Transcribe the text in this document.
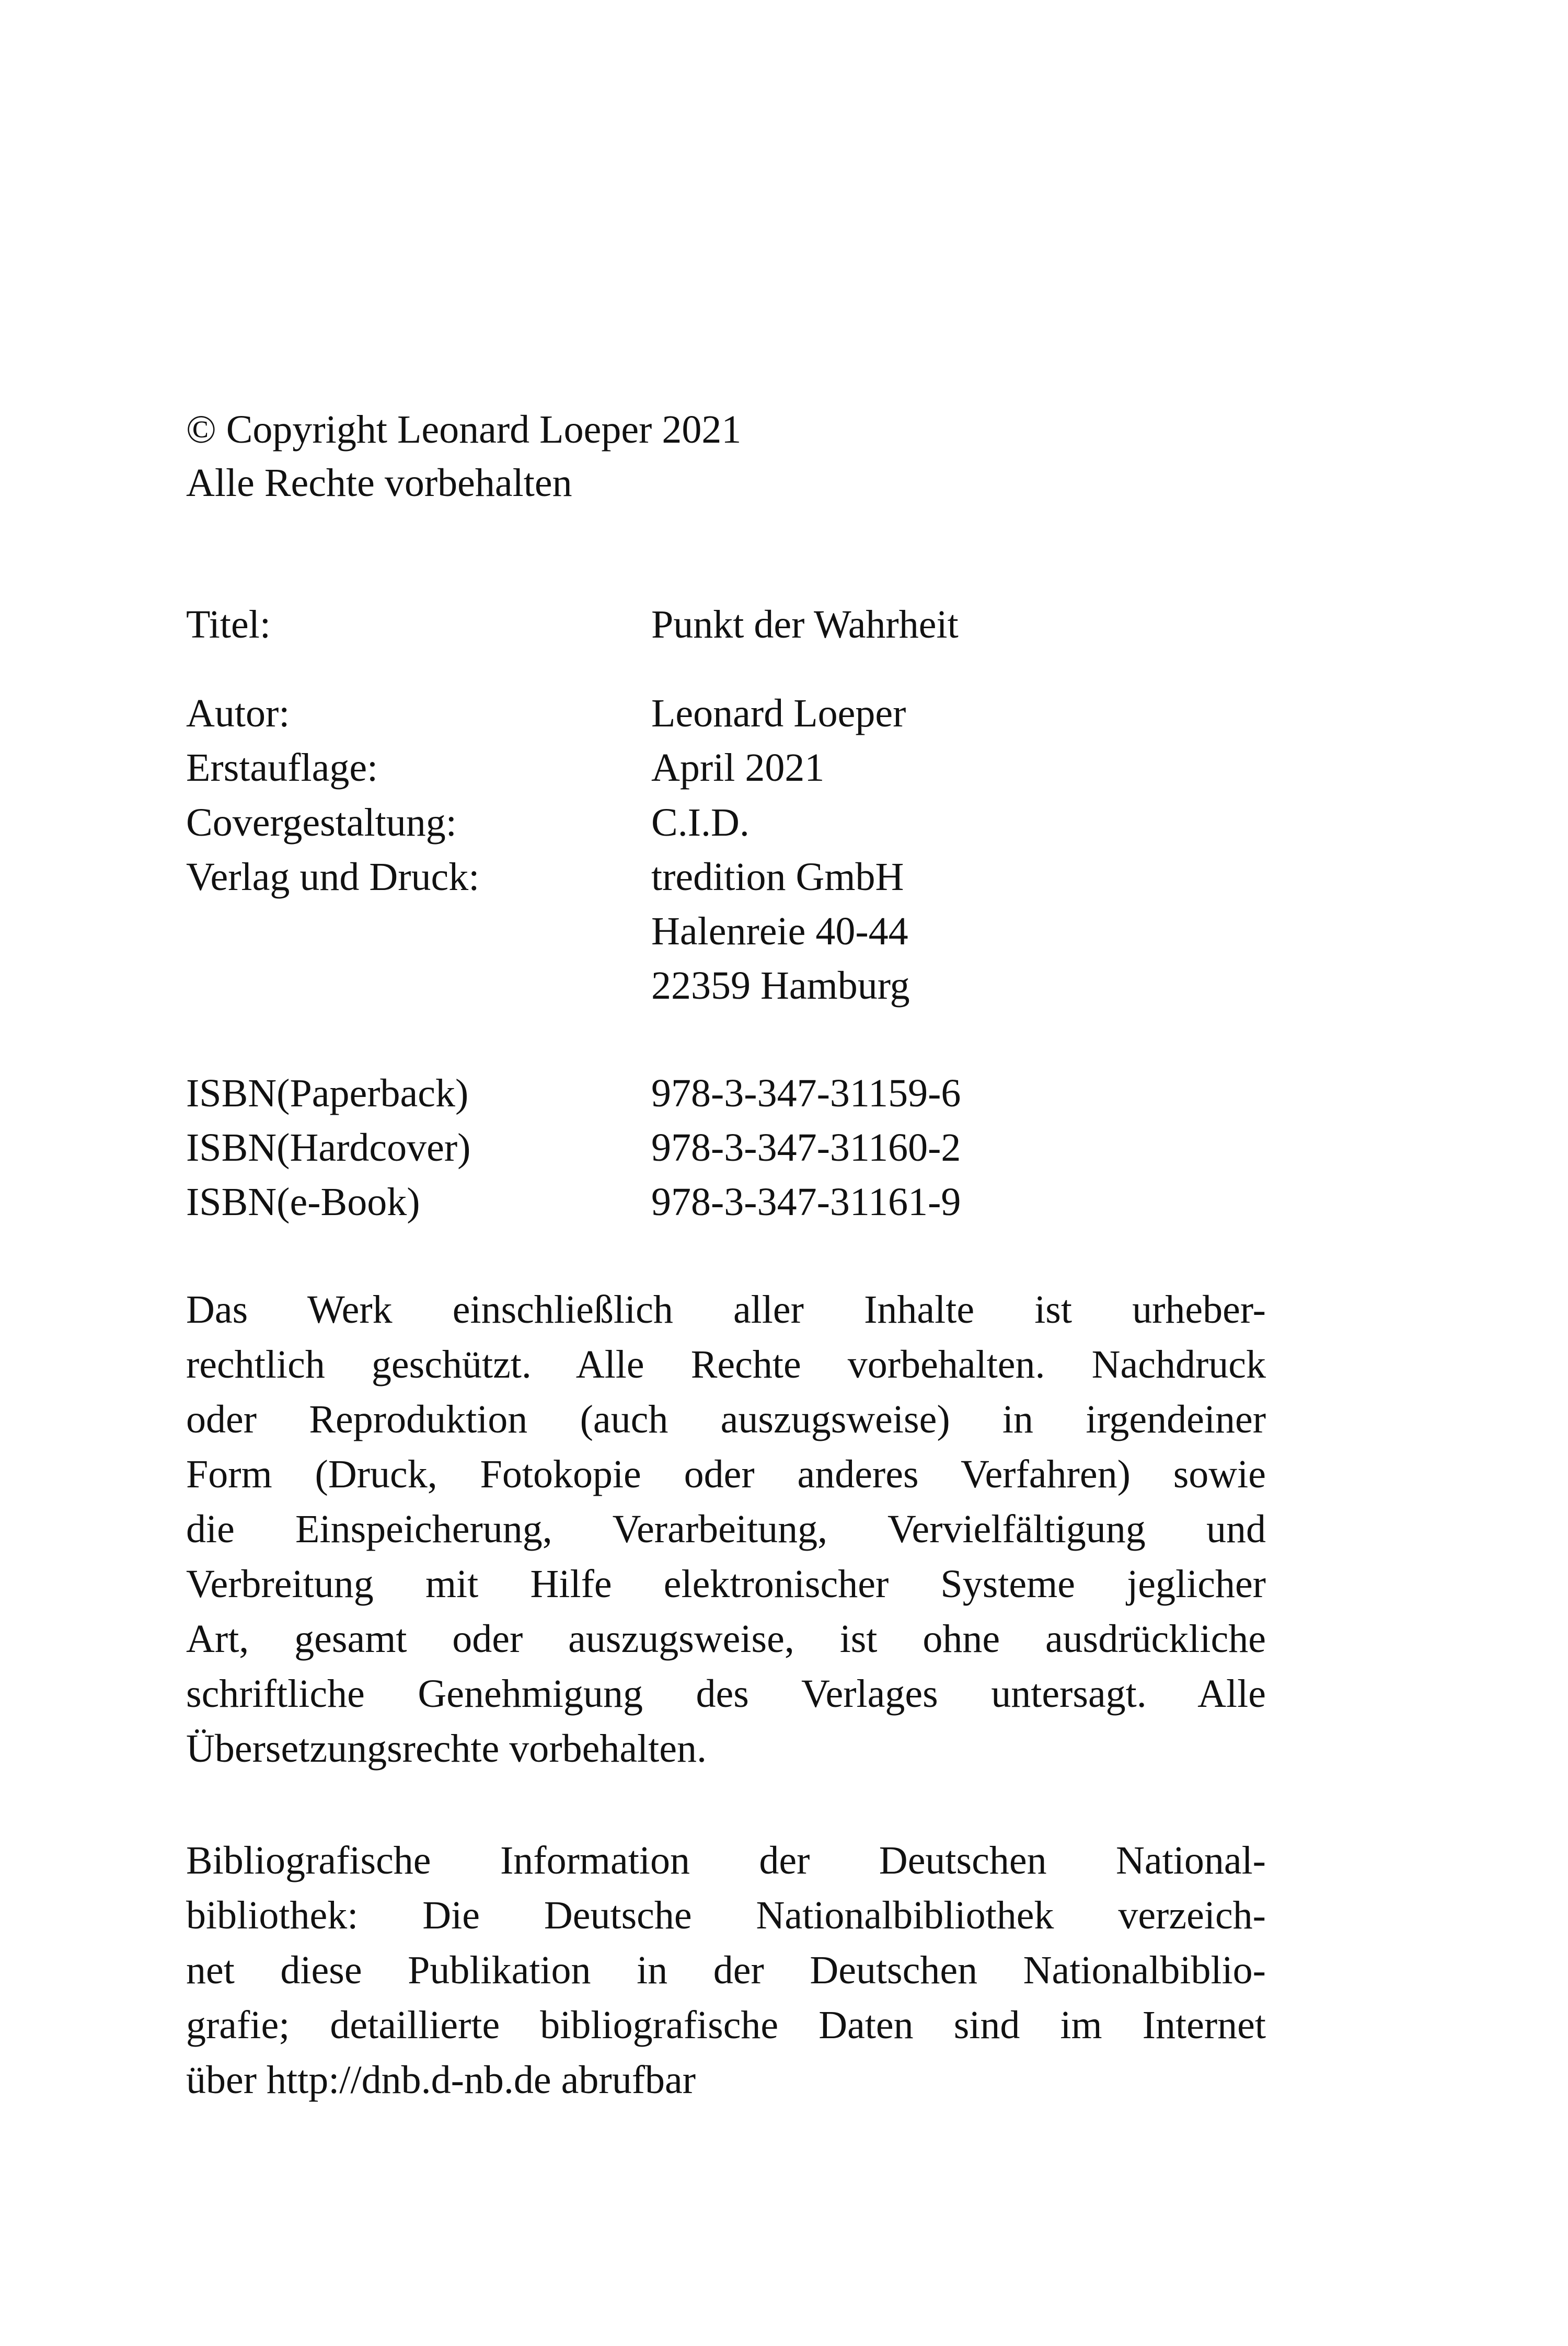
© Copyright Leonard Loeper 2021

Alle Rechte vorbehalten

Titel:	Punkt der Wahrheit

Autor:	Leonard Loeper

Erstauflage:	April 2021

Covergestaltung:	C.I.D.

Verlag und Druck:	tredition GmbH

Halenreie 40-44

22359 Hamburg

ISBN(Paperback)	978-3-347-31159-6

ISBN(Hardcover)	978-3-347-31160-2

ISBN(e-Book)	978-3-347-31161-9

Das Werk einschließlich aller Inhalte ist urheber-
rechtlich geschützt. Alle Rechte vorbehalten. Nachdruck
oder Reproduktion (auch auszugsweise) in irgendeiner
Form (Druck, Fotokopie oder anderes Verfahren) sowie
die Einspeicherung, Verarbeitung, Vervielfältigung und
Verbreitung mit Hilfe elektronischer Systeme jeglicher
Art, gesamt oder auszugsweise, ist ohne ausdrückliche
schriftliche Genehmigung des Verlages untersagt. Alle
Übersetzungsrechte vorbehalten.
Bibliografische Information der Deutschen National-
bibliothek: Die Deutsche Nationalbibliothek verzeich-
net diese Publikation in der Deutschen Nationalbiblio-
grafie; detaillierte bibliografische Daten sind im Internet
über http://dnb.d-nb.de abrufbar
